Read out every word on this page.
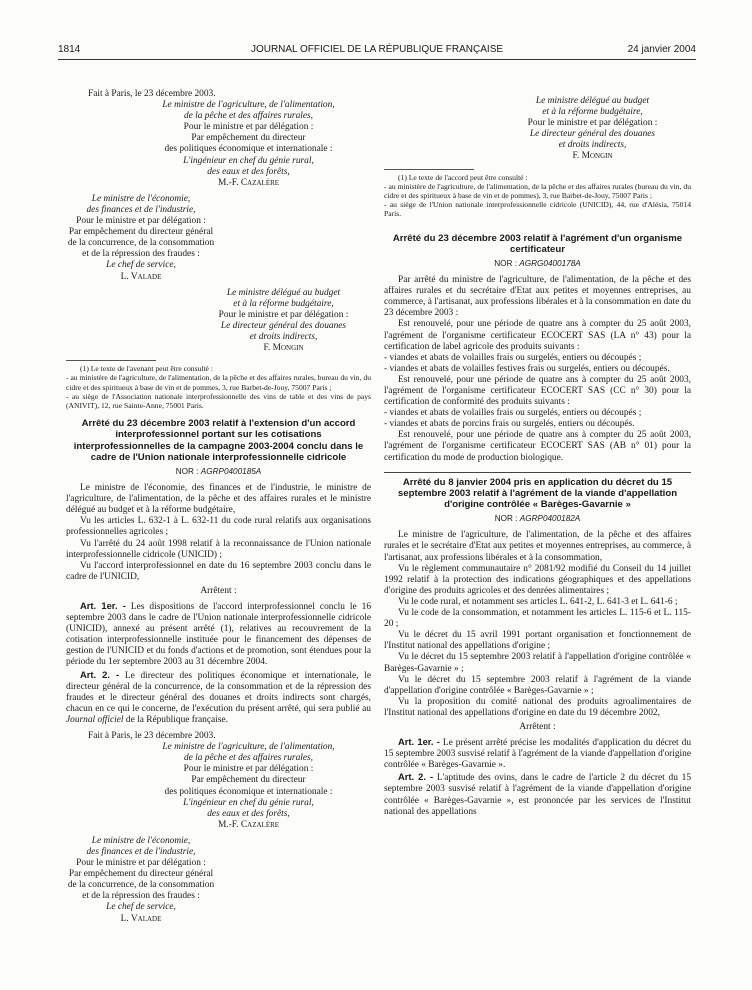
1814	JOURNAL OFFICIEL DE LA RÉPUBLIQUE FRANÇAISE	24 janvier 2004

Fait à Paris, le 23 décembre 2003.

Le ministre de l'agriculture, de l'alimentation,

de la pêche et des affaires rurales,

Pour le ministre et par délégation :

Par empêchement du directeur

des politiques économique et internationale :

L'ingénieur en chef du génie rural,

des eaux et des forêts,

M.-F. Cazalère

Le ministre de l'économie,

des finances et de l'industrie,

Pour le ministre et par délégation :

Par empêchement du directeur général

de la concurrence, de la consommation

et de la répression des fraudes :

Le chef de service,

L. Valade

Le ministre délégué au budget

et à la réforme budgétaire,

Pour le ministre et par délégation :

Le directeur général des douanes

et droits indirects,

F. Mongin

(1) Le texte de l'avenant peut être consulté :

- au ministère de l'agriculture, de l'alimentation, de la pêche et des affaires rurales, bureau du vin, du cidre et des spiritueux à base de vin et de pommes, 3, rue Barbet-de-Jouy, 75007 Paris ;

- au siège de l'Association nationale interprofessionnelle des vins de table et des vins de pays (ANIVIT), 12, rue Sainte-Anne, 75001 Paris.

Arrêté du 23 décembre 2003 relatif à l'extension d'un accord interprofessionnel portant sur les cotisations interprofessionnelles de la campagne 2003-2004 conclu dans le cadre de l'Union nationale interprofessionnelle cidricole
NOR : AGRP0400185A

Le ministre de l'économie, des finances et de l'industrie, le ministre de l'agriculture, de l'alimentation, de la pêche et des affaires rurales et le ministre délégué au budget et à la réforme budgétaire,

Vu les articles L. 632-1 à L. 632-11 du code rural relatifs aux organisations professionnelles agricoles ;

Vu l'arrêté du 24 août 1998 relatif à la reconnaissance de l'Union nationale interprofessionnelle cidricole (UNICID) ;

Vu l'accord interprofessionnel en date du 16 septembre 2003 conclu dans le cadre de l'UNICID,

Arrêtent :

Art. 1er. - Les dispositions de l'accord interprofessionnel conclu le 16 septembre 2003 dans le cadre de l'Union nationale interprofessionnelle cidricole (UNICID), annexé au présent arrêté (1), relatives au recouvrement de la cotisation interprofessionnelle instituée pour le financement des dépenses de gestion de l'UNICID et du fonds d'actions et de promotion, sont étendues pour la période du 1er septembre 2003 au 31 décembre 2004.

Art. 2. - Le directeur des politiques économique et internationale, le directeur général de la concurrence, de la consommation et de la répression des fraudes et le directeur général des douanes et droits indirects sont chargés, chacun en ce qui le concerne, de l'exécution du présent arrêté, qui sera publié au Journal officiel de la République française.

Fait à Paris, le 23 décembre 2003.

Le ministre de l'agriculture, de l'alimentation,

de la pêche et des affaires rurales,

Pour le ministre et par délégation :

Par empêchement du directeur

des politiques économique et internationale :

L'ingénieur en chef du génie rural,

des eaux et des forêts,

M.-F. Cazalère

Le ministre de l'économie,

des finances et de l'industrie,

Pour le ministre et par délégation :

Par empêchement du directeur général

de la concurrence, de la consommation

et de la répression des fraudes :

Le chef de service,

L. Valade

Le ministre délégué au budget

et à la réforme budgétaire,

Pour le ministre et par délégation :

Le directeur général des douanes

et droits indirects,

F. Mongin

(1) Le texte de l'accord peut être consulté :

- au ministère de l'agriculture, de l'alimentation, de la pêche et des affaires rurales (bureau du vin, du cidre et des spiritueux à base de vin et de pommes), 3, rue Barbet-de-Jouy, 75007 Paris ;

- au siège de l'Union nationale interprofessionnelle cidricole (UNICID), 44, rue d'Alésia, 75014 Paris.

Arrêté du 23 décembre 2003 relatif à l'agrément d'un organisme certificateur
NOR : AGRG0400178A

Par arrêté du ministre de l'agriculture, de l'alimentation, de la pêche et des affaires rurales et du secrétaire d'Etat aux petites et moyennes entreprises, au commerce, à l'artisanat, aux professions libérales et à la consommation en date du 23 décembre 2003 :

Est renouvelé, pour une période de quatre ans à compter du 25 août 2003, l'agrément de l'organisme certificateur ECOCERT SAS (LA n° 43) pour la certification de label agricole des produits suivants :

- viandes et abats de volailles frais ou surgelés, entiers ou découpés ;
- viandes et abats de volailles festives frais ou surgelés, entiers ou découpés.

Est renouvelé, pour une période de quatre ans à compter du 25 août 2003, l'agrément de l'organisme certificateur ECOCERT SAS (CC n° 30) pour la certification de conformité des produits suivants :

- viandes et abats de volailles frais ou surgelés, entiers ou découpés ;
- viandes et abats de porcins frais ou surgelés, entiers ou découpés.

Est renouvelé, pour une période de quatre ans à compter du 25 août 2003, l'agrément de l'organisme certificateur ECOCERT SAS (AB n° 01) pour la certification du mode de production biologique.

Arrêté du 8 janvier 2004 pris en application du décret du 15 septembre 2003 relatif à l'agrément de la viande d'appellation d'origine contrôlée « Barèges-Gavarnie »
NOR : AGRP0400182A

Le ministre de l'agriculture, de l'alimentation, de la pêche et des affaires rurales et le secrétaire d'Etat aux petites et moyennes entreprises, au commerce, à l'artisanat, aux professions libérales et à la consommation,

Vu le règlement communautaire n° 2081/92 modifié du Conseil du 14 juillet 1992 relatif à la protection des indications géographiques et des appellations d'origine des produits agricoles et des denrées alimentaires ;

Vu le code rural, et notamment ses articles L. 641-2, L. 641-3 et L. 641-6 ;

Vu le code de la consommation, et notamment les articles L. 115-6 et L. 115-20 ;

Vu le décret du 15 avril 1991 portant organisation et fonctionnement de l'Institut national des appellations d'origine ;

Vu le décret du 15 septembre 2003 relatif à l'appellation d'origine contrôlée « Barèges-Gavarnie » ;

Vu le décret du 15 septembre 2003 relatif à l'agrément de la viande d'appellation d'origine contrôlée « Barèges-Gavarnie » ;

Vu la proposition du comité national des produits agroalimentaires de l'Institut national des appellations d'origine en date du 19 décembre 2002,

Arrêtent :

Art. 1er. - Le présent arrêté précise les modalités d'application du décret du 15 septembre 2003 susvisé relatif à l'agrément de la viande d'appellation d'origine contrôlée « Barèges-Gavarnie ».

Art. 2. - L'aptitude des ovins, dans le cadre de l'article 2 du décret du 15 septembre 2003 susvisé relatif à l'agrément de la viande d'appellation d'origine contrôlée « Barèges-Gavarnie », est prononcée par les services de l'Institut national des appellations
